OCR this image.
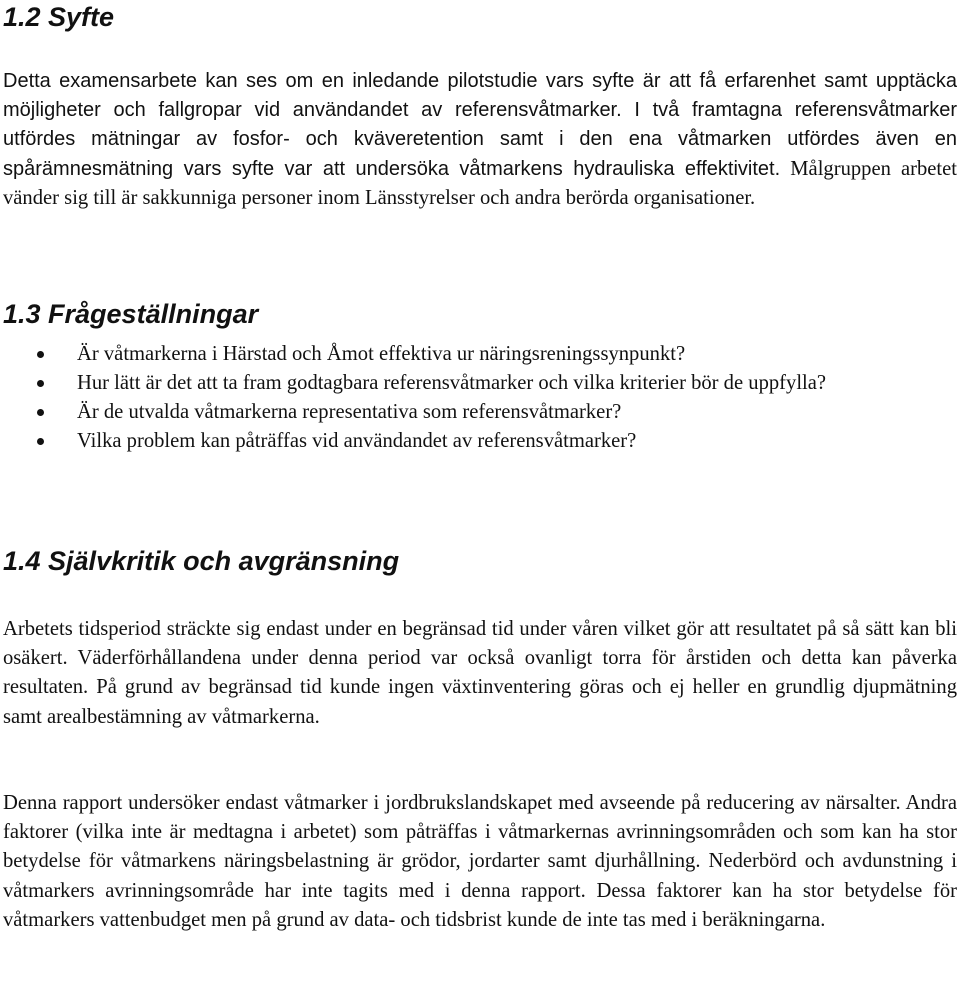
1.2 Syfte

Detta examensarbete kan ses om en inledande pilotstudie vars syfte är att få erfarenhet samt upptäcka möjligheter och fallgropar vid användandet av referensvåtmarker. I två framtagna referensvåtmarker utfördes mätningar av fosfor- och kväveretention samt i den ena våtmarken utfördes även en spårämnesmätning vars syfte var att undersöka våtmarkens hydrauliska effektivitet. Målgruppen arbetet vänder sig till är sakkunniga personer inom Länsstyrelser och andra berörda organisationer.

1.3 Frågeställningar
Är våtmarkerna i Härstad och Åmot effektiva ur näringsreningssynpunkt?
Hur lätt är det att ta fram godtagbara referensvåtmarker och vilka kriterier bör de uppfylla?
Är de utvalda våtmarkerna representativa som referensvåtmarker?
Vilka problem kan påträffas vid användandet av referensvåtmarker?
1.4 Självkritik och avgränsning

Arbetets tidsperiod sträckte sig endast under en begränsad tid under våren vilket gör att resultatet på så sätt kan bli osäkert. Väderförhållandena under denna period var också ovanligt torra för årstiden och detta kan påverka resultaten. På grund av begränsad tid kunde ingen växtinventering göras och ej heller en grundlig djupmätning samt arealbestämning av våtmarkerna.

Denna rapport undersöker endast våtmarker i jordbrukslandskapet med avseende på reducering av närsalter. Andra faktorer (vilka inte är medtagna i arbetet) som påträffas i våtmarkernas avrinningsområden och som kan ha stor betydelse för våtmarkens näringsbelastning är grödor, jordarter samt djurhållning. Nederbörd och avdunstning i våtmarkers avrinningsområde har inte tagits med i denna rapport. Dessa faktorer kan ha stor betydelse för våtmarkers vattenbudget men på grund av data- och tidsbrist kunde de inte tas med i beräkningarna.
